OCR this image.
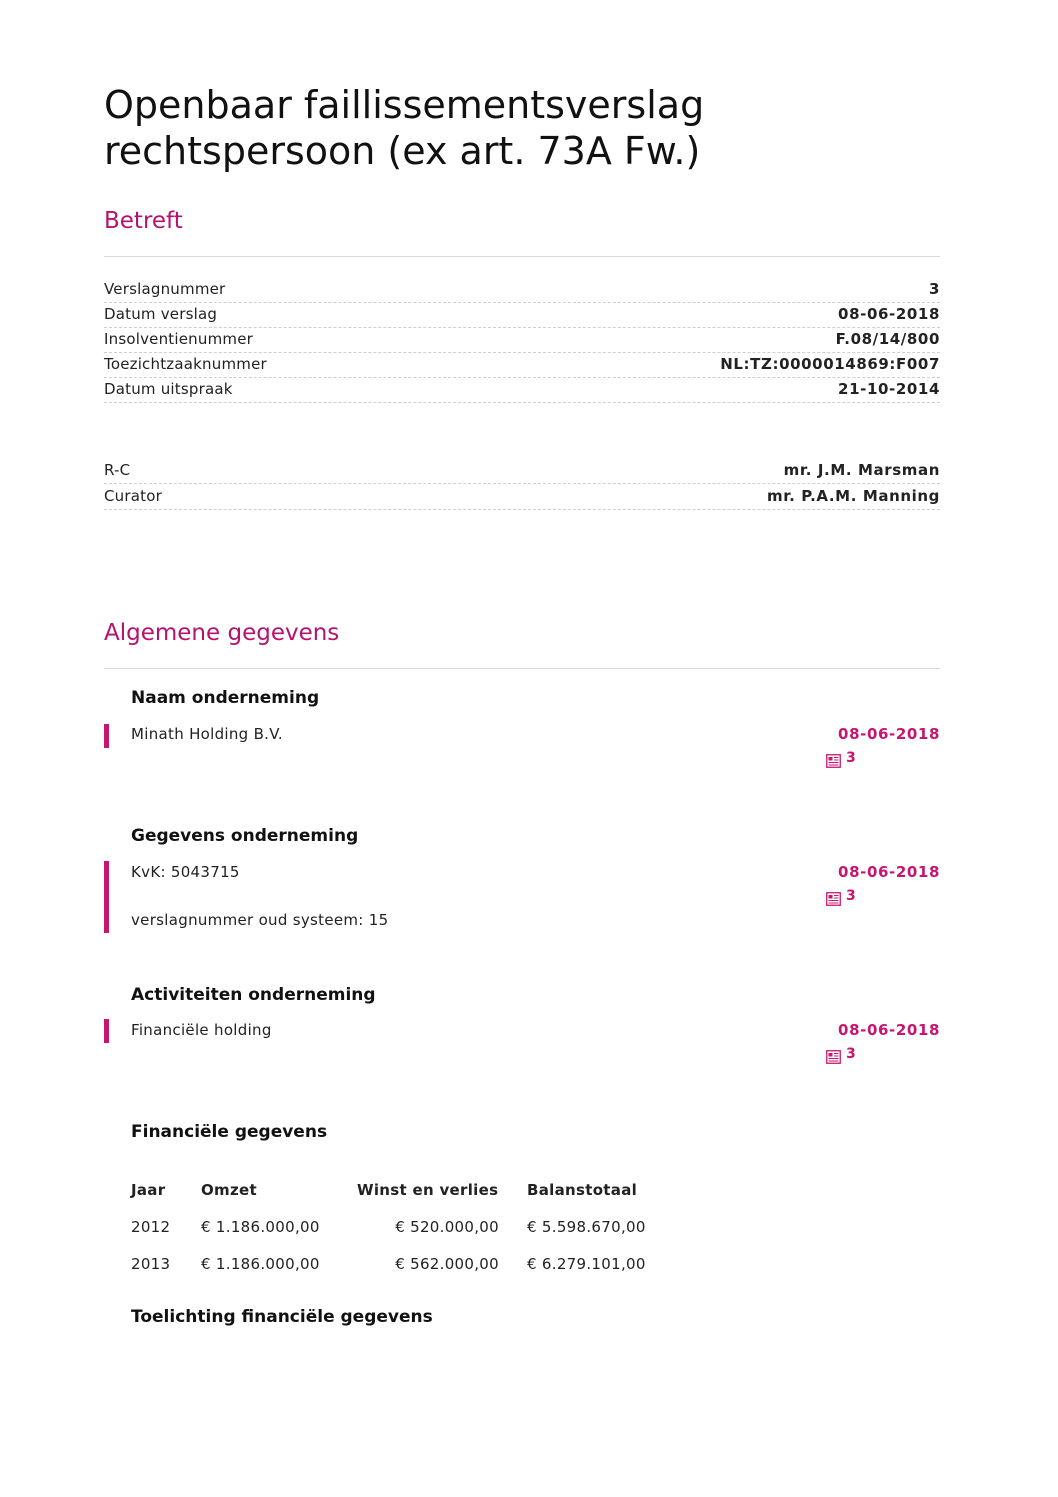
Openbaar faillissementsverslag
rechtspersoon (ex art. 73A Fw.)
Betreft
Verslagnummer	3
Datum verslag	08-06-2018
Insolventienummer	F.08/14/800
Toezichtzaaknummer	NL:TZ:0000014869:F007
Datum uitspraak	21-10-2014
R-C	mr. J.M. Marsman
Curator	mr. P.A.M. Manning
Algemene gegevens
Naam onderneming
Minath Holding B.V.	08-06-2018
3
Gegevens onderneming
KvK: 5043715
verslagnummer oud systeem: 15
08-06-2018
3
Activiteiten onderneming
Financiële holding	08-06-2018
3
Financiële gegevens
Jaar	Omzet	Winst en verlies	Balanstotaal
2012	€ 1.186.000,00	€ 520.000,00	€ 5.598.670,00
2013	€ 1.186.000,00	€ 562.000,00	€ 6.279.101,00
Toelichting financiële gegevens
